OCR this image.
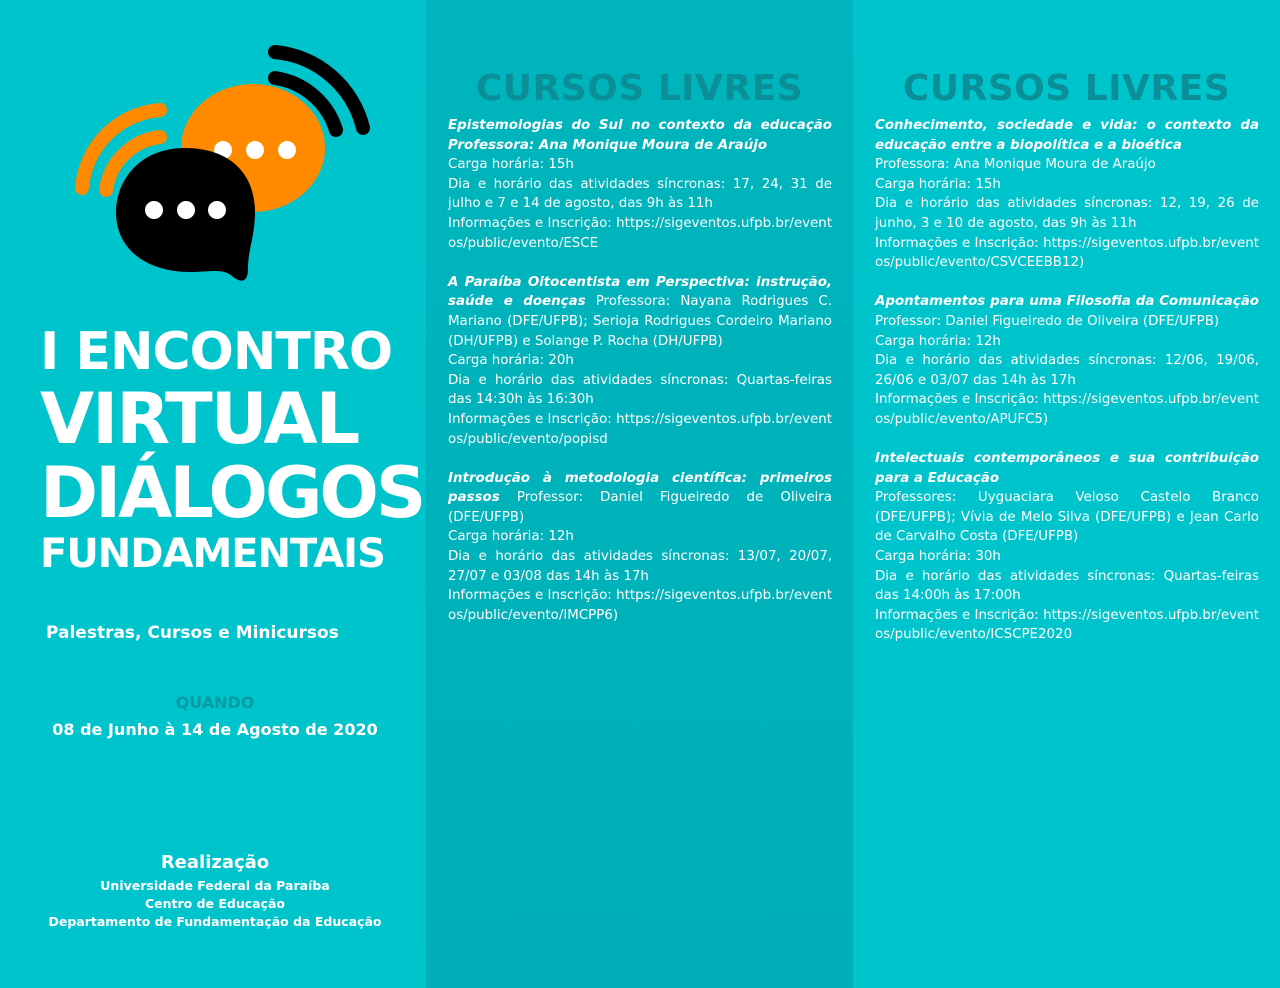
I ENCONTRO
VIRTUAL
DIÁLOGOS
FUNDAMENTAIS
Palestras, Cursos e Minicursos
QUANDO
08 de Junho à 14 de Agosto de 2020
Realização
Universidade Federal da Paraíba
Centro de Educação
Departamento de Fundamentação da Educação
CURSOS LIVRES
Epistemologias do Sul no contexto da educação Professora: Ana Monique Moura de Araújo
Carga horária: 15h
Dia e horário das atividades síncronas: 17, 24, 31 de julho e 7 e 14 de agosto, das 9h às 11h
Informações e Inscrição: https://sigeventos.ufpb.br/eventos/public/evento/ESCE
A Paraíba Oitocentista em Perspectiva: instrução, saúde e doenças Professora: Nayana Rodrigues C. Mariano (DFE/UFPB); Serioja Rodrigues Cordeiro Mariano (DH/UFPB) e Solange P. Rocha (DH/UFPB)
Carga horária: 20h
Dia e horário das atividades síncronas: Quartas-feiras das 14:30h às 16:30h
Informações e Inscrição: https://sigeventos.ufpb.br/eventos/public/evento/popisd
Introdução à metodologia científica: primeiros passos Professor: Daniel Figueiredo de Oliveira (DFE/UFPB)
Carga horária: 12h
Dia e horário das atividades síncronas: 13/07, 20/07, 27/07 e 03/08 das 14h às 17h
Informações e Inscrição: https://sigeventos.ufpb.br/eventos/public/evento/IMCPP6)
CURSOS LIVRES
Conhecimento, sociedade e vida: o contexto da educação entre a biopolítica e a bioética
Professora: Ana Monique Moura de Araújo
Carga horária: 15h
Dia e horário das atividades síncronas: 12, 19, 26 de junho, 3 e 10 de agosto, das 9h às 11h
Informações e Inscrição: https://sigeventos.ufpb.br/eventos/public/evento/CSVCEEBB12)
Apontamentos para uma Filosofia da Comunicação Professor: Daniel Figueiredo de Oliveira (DFE/UFPB)
Carga horária: 12h
Dia e horário das atividades síncronas: 12/06, 19/06, 26/06 e 03/07 das 14h às 17h
Informações e Inscrição: https://sigeventos.ufpb.br/eventos/public/evento/APUFC5)
Intelectuais contemporâneos e sua contribuição para a Educação
Professores: Uyguaciara Veloso Castelo Branco (DFE/UFPB); Vívia de Melo Silva (DFE/UFPB) e Jean Carlo de Carvalho Costa (DFE/UFPB)
Carga horária: 30h
Dia e horário das atividades síncronas: Quartas-feiras das 14:00h às 17:00h
Informações e Inscrição: https://sigeventos.ufpb.br/eventos/public/evento/ICSCPE2020
